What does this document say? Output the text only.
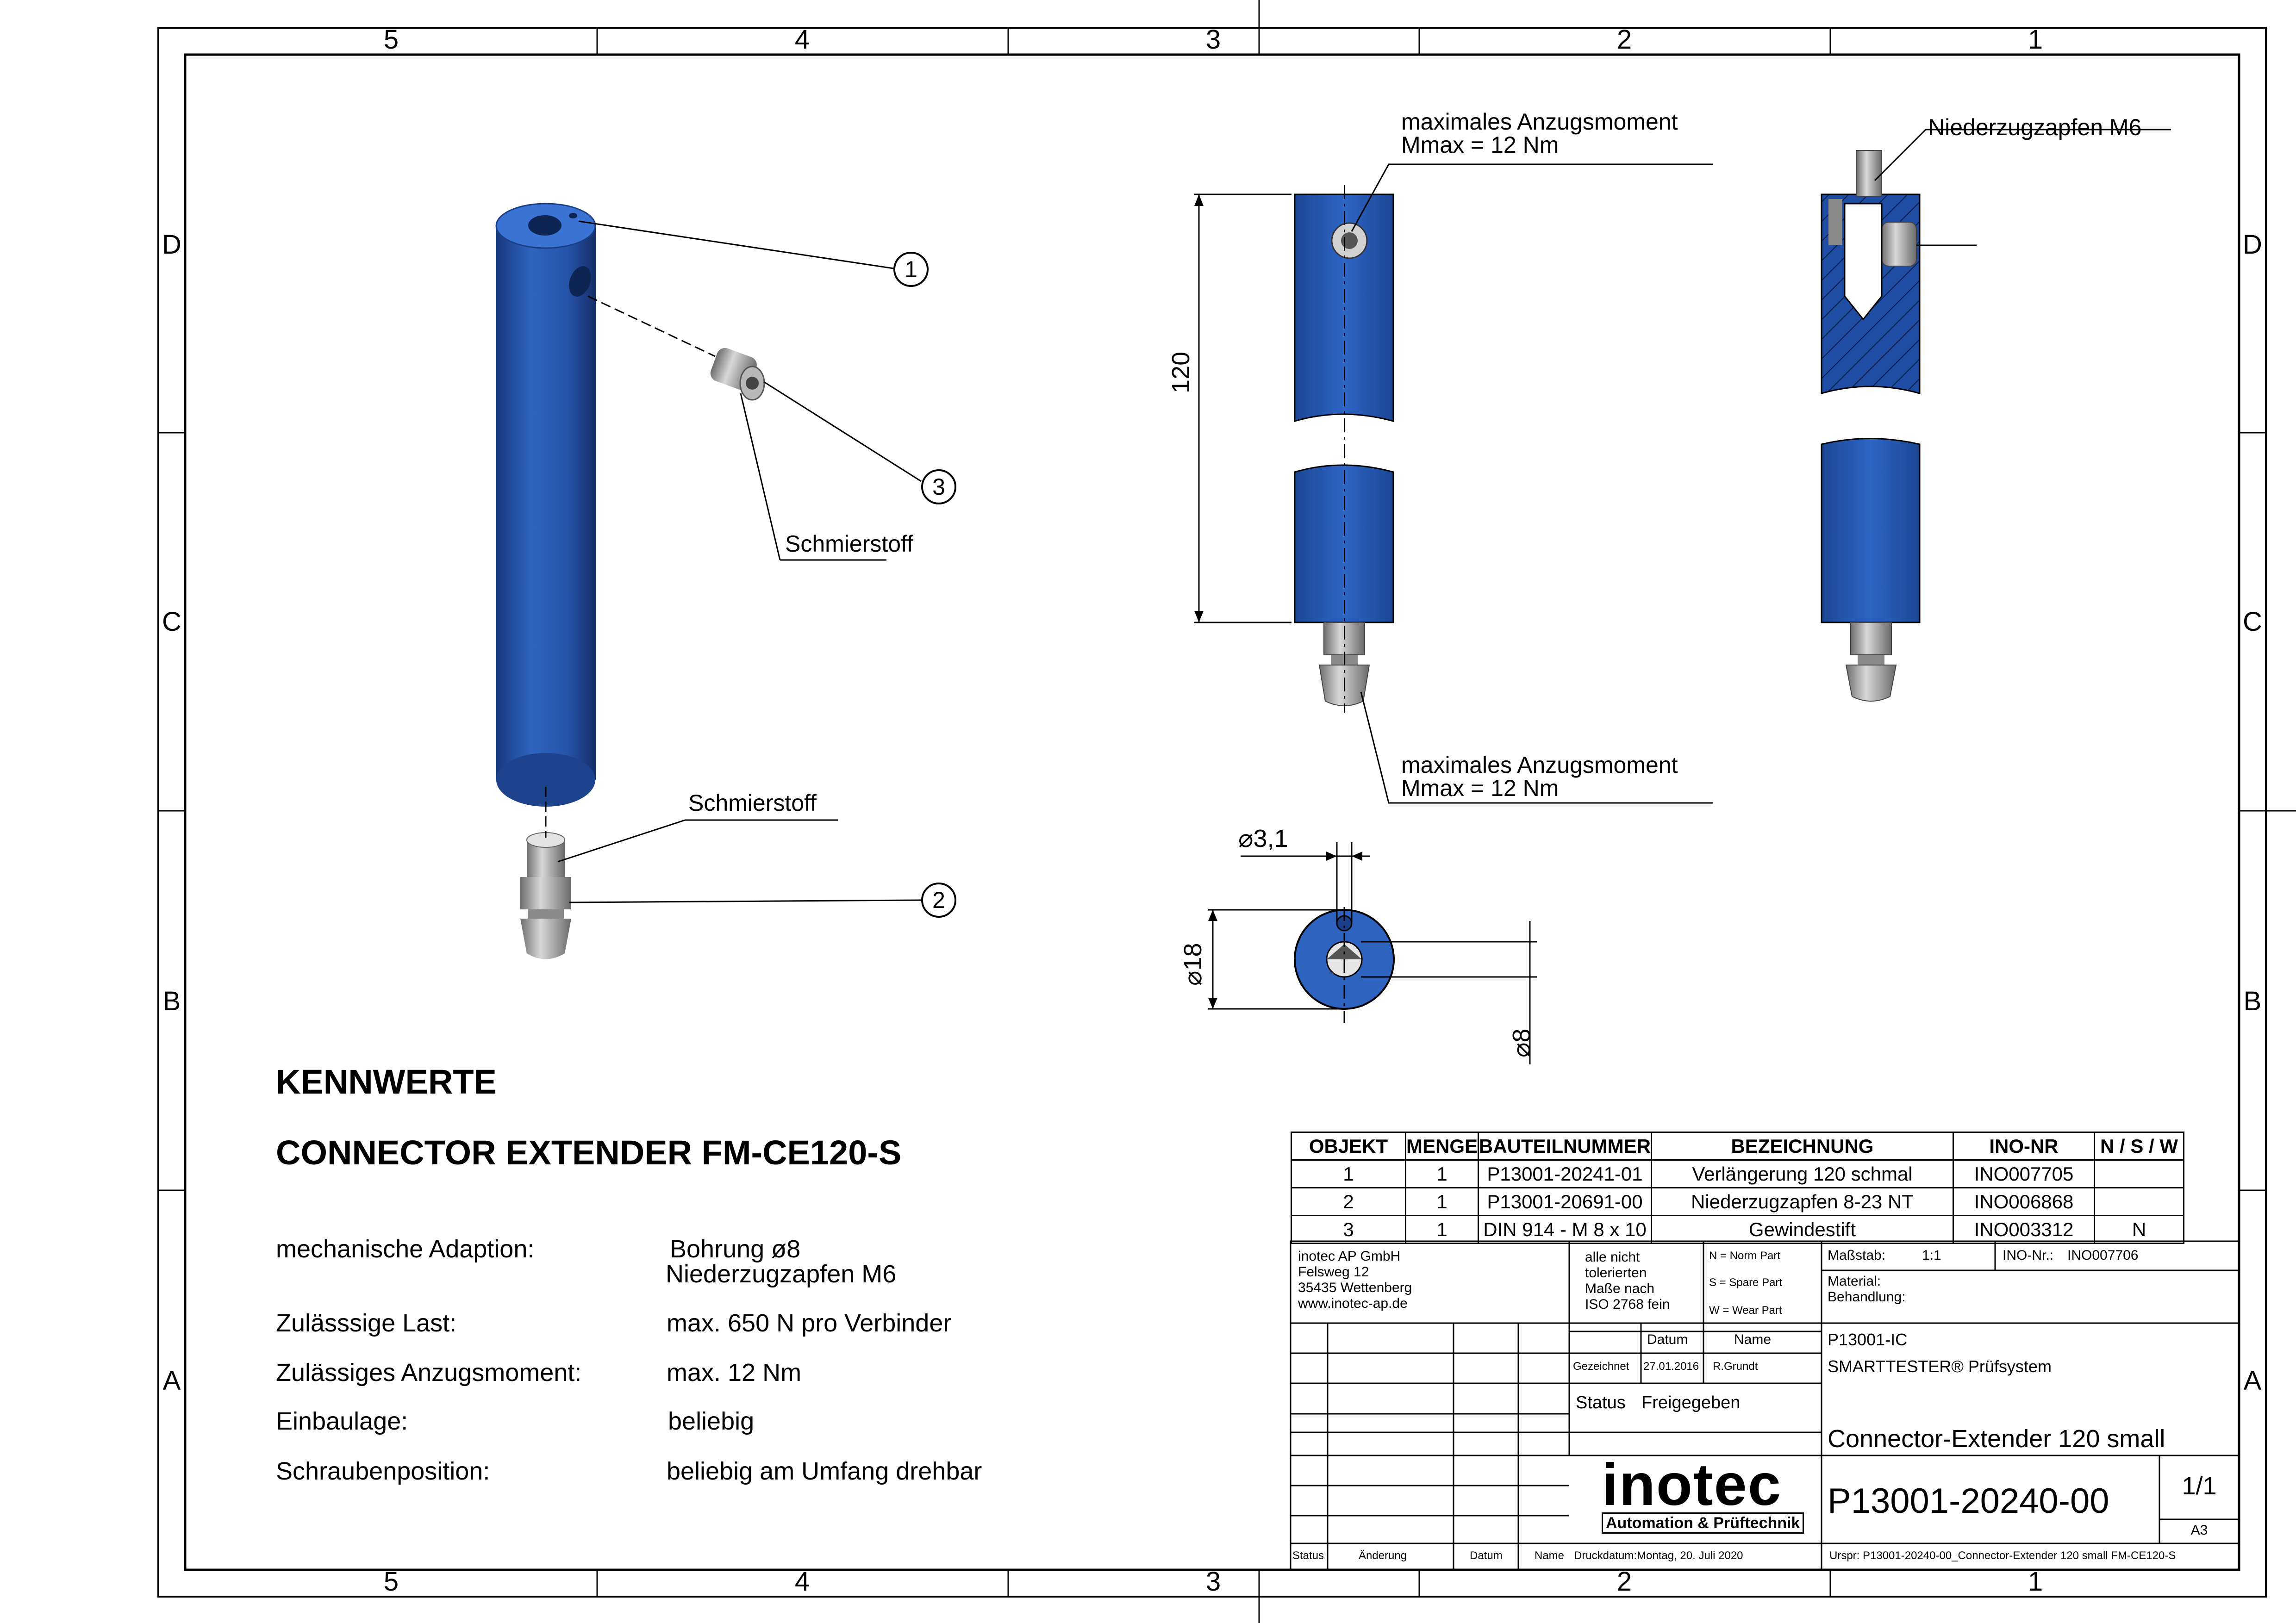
5	4	3	2	1
5	4	3	2	1
D
C
B
A
D
C
B
A
1
3
2
Schmierstoff
Schmierstoff
120
maximales Anzugsmoment
Mmax = 12 Nm
maximales Anzugsmoment
Mmax = 12 Nm
Niederzugzapfen M6
⌀3,1
⌀18
⌀8
KENNWERTE
CONNECTOR EXTENDER FM-CE120-S
mechanische Adaption:	Bohrung ø8
Niederzugzapfen M6
Zulässsige Last:	max. 650 N pro Verbinder
Zulässiges Anzugsmoment:	max. 12 Nm
Einbaulage:	beliebig
Schraubenposition:	beliebig am Umfang drehbar
OBJEKT	MENGE	BAUTEILNUMMER	BEZEICHNUNG	INO-NR	N / S / W
1	1	P13001-20241-01	Verlängerung 120 schmal	INO007705	
2	1	P13001-20691-00	Niederzugzapfen 8-23 NT	INO006868	
3	1	DIN 914 - M 8 x 10	Gewindestift	INO003312	N
inotec AP GmbH
Felsweg 12
35435 Wettenberg
www.inotec-ap.de
alle nicht
tolerierten
Maße nach
ISO 2768 fein
N = Norm Part
S = Spare Part
W = Wear Part
Maßstab:	1:1	INO-Nr.: INO007706
Material:
Behandlung:
Datum	Name
Gezeichnet 27.01.2016 R.Grundt
Status Freigegeben
P13001-IC
SMARTTESTER® Prüfsystem
Connector-Extender 120 small
inotec
Automation & Prüftechnik
P13001-20240-00	1/1
A3
Status	Änderung	Datum	Name Druckdatum:Montag, 20. Juli 2020	Urspr: P13001-20240-00_Connector-Extender 120 small FM-CE120-S
